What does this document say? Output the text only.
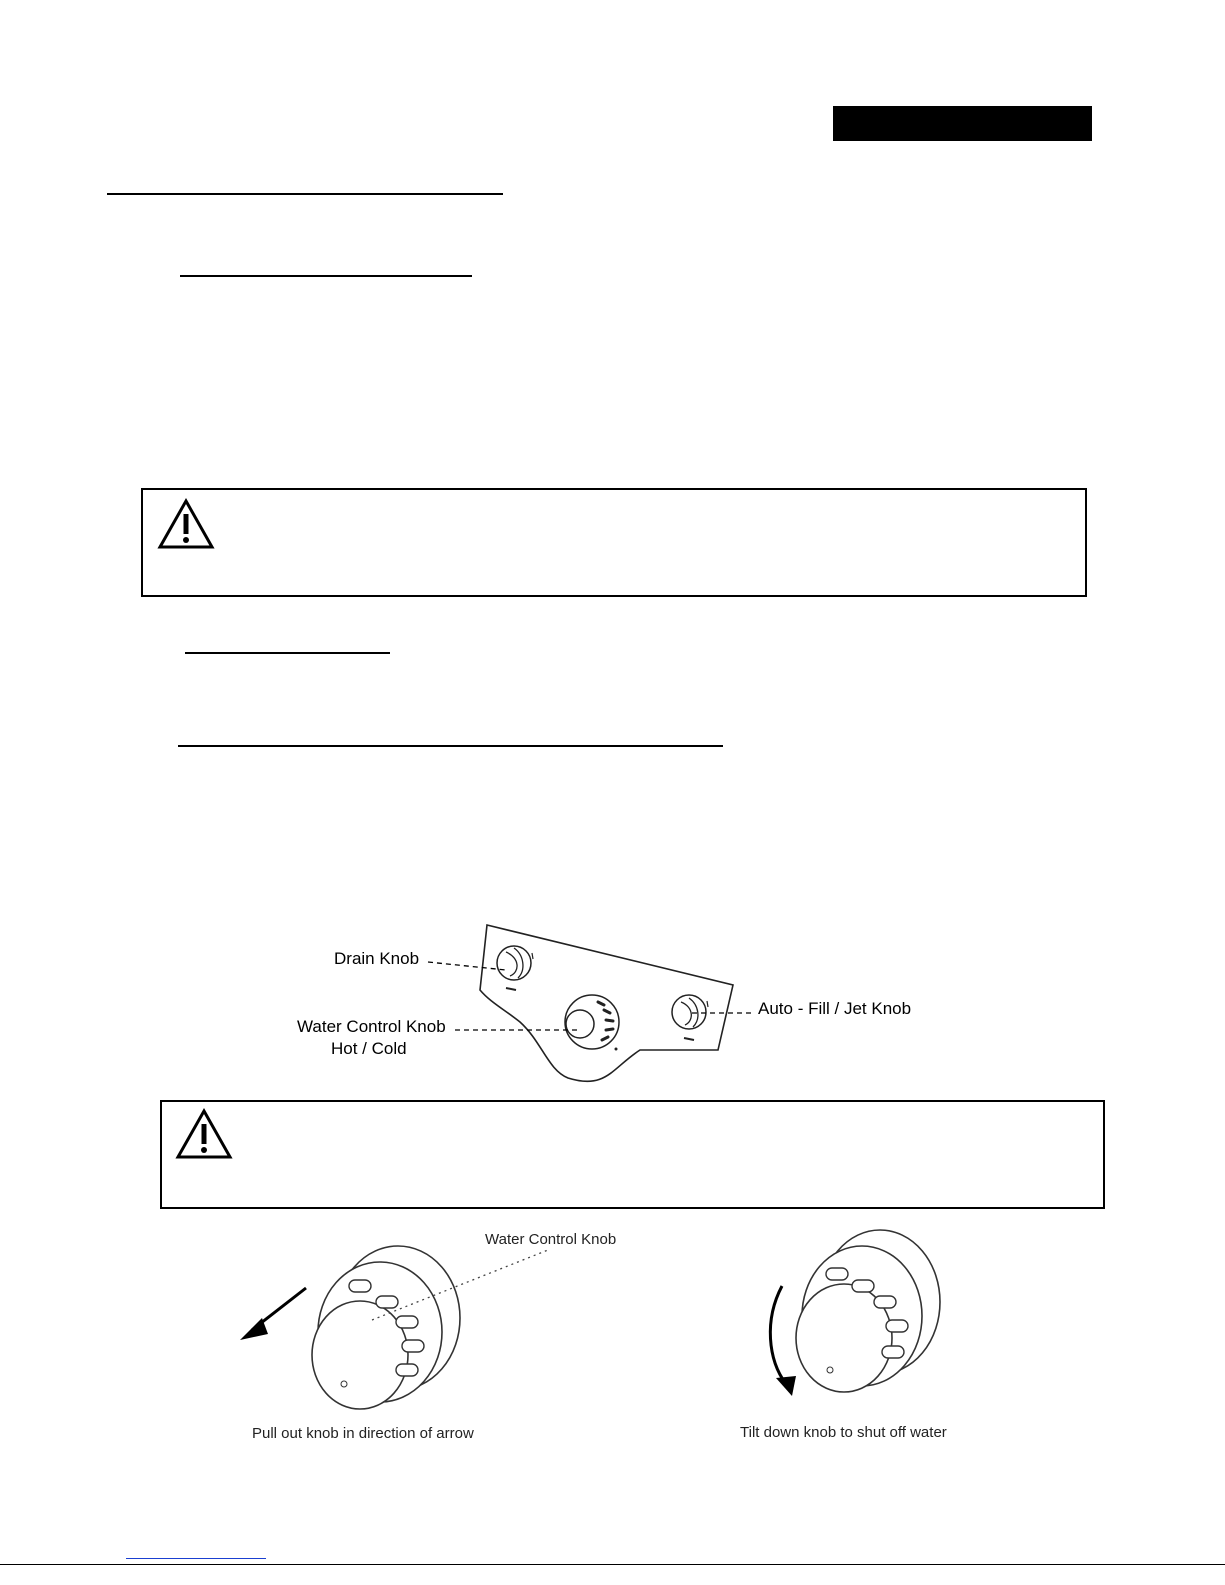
Drain Knob
Water Control Knob
Hot / Cold
Auto - Fill / Jet Knob
Water Control Knob
Pull out knob in direction of arrow	Tilt down knob to shut off water
